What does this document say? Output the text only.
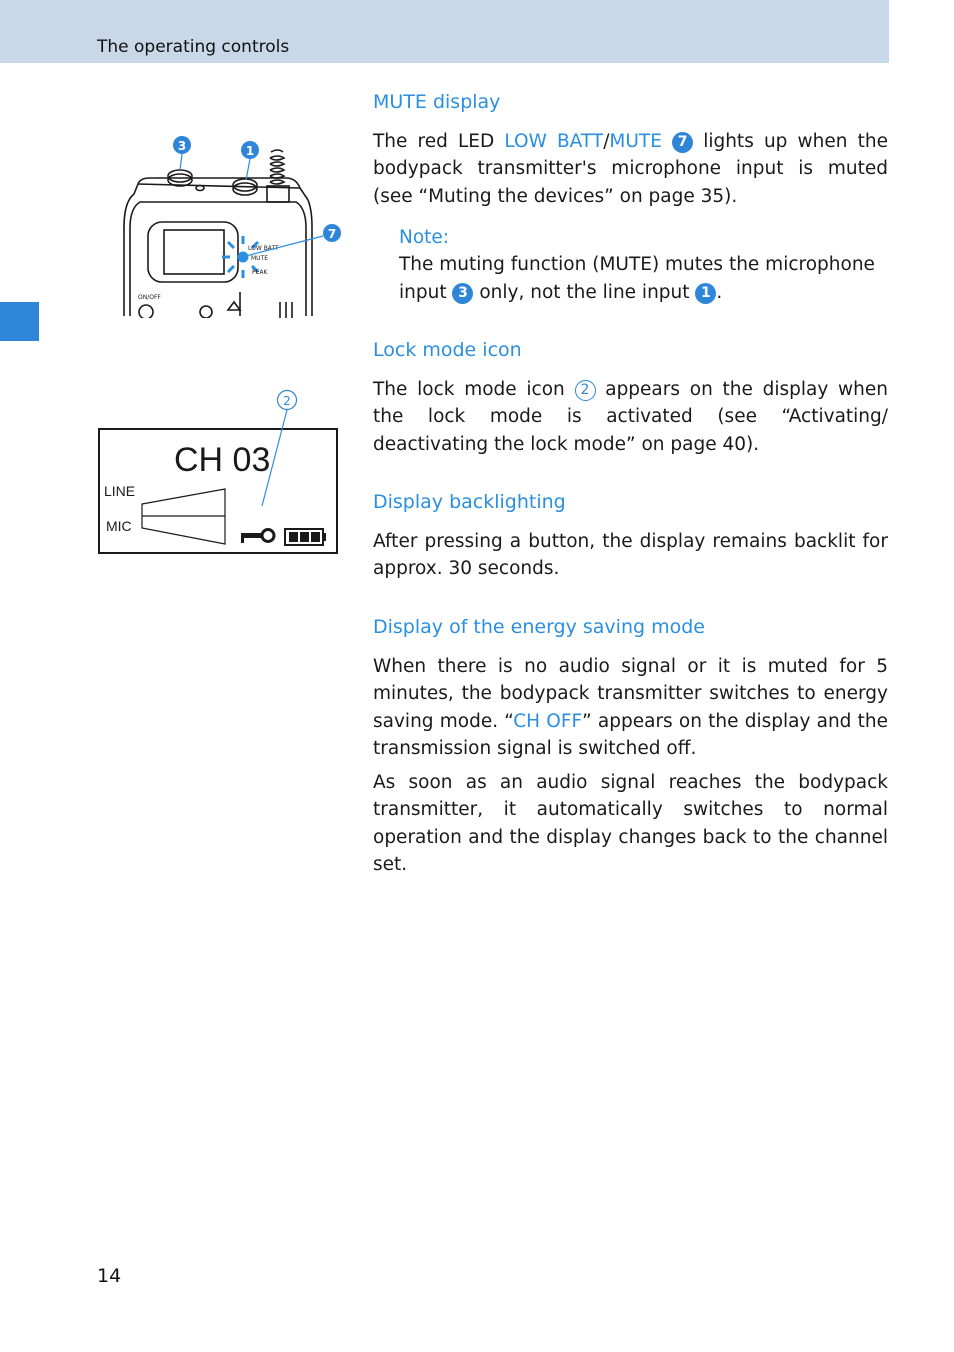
The operating controls
LOW BATT
MUTE
PEAK
ON/OFF
3	1
7
CH 03
LINE
MIC
2
MUTE display
The red LED LOW BATT/MUTE 7 lights up when the bodypack transmitter's microphone input is muted (see “Muting the devices” on page 35).
Note:
The muting function (MUTE) mutes the microphone input 3 only, not the line input 1 .
Lock mode icon
The lock mode icon 2 appears on the display when the lock mode is activated (see “Activating/ deactivating the lock mode” on page 40).
Display backlighting
After pressing a button, the display remains backlit for approx. 30 seconds.
Display of the energy saving mode
When there is no audio signal or it is muted for 5 minutes, the bodypack transmitter switches to energy saving mode. “CH OFF” appears on the display and the transmission signal is switched off.
As soon as an audio signal reaches the bodypack transmitter, it automatically switches to normal operation and the display changes back to the channel set.
14
